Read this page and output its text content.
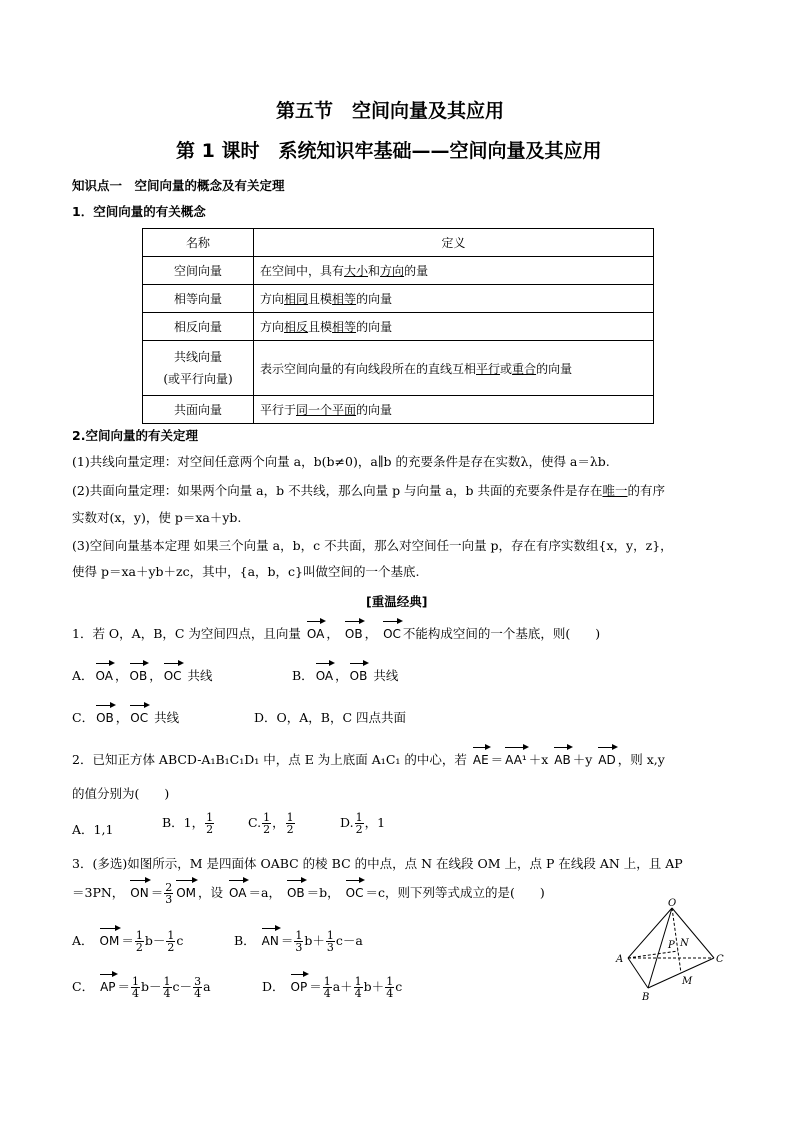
第五节　空间向量及其应用
第 1 课时　系统知识牢基础——空间向量及其应用
知识点一　空间向量的概念及有关定理
1．空间向量的有关概念
名称	定义
空间向量	在空间中，具有大小和方向的量
相等向量	方向相同且模相等的向量
相反向量	方向相反且模相等的向量
共线向量
(或平行向量)	表示空间向量的有向线段所在的直线互相平行或重合的向量
共面向量	平行于同一个平面的向量
2.空间向量的有关定理
(1)共线向量定理：对空间任意两个向量 a，b(b≠0)，a∥b 的充要条件是存在实数λ，使得 a＝λb.
(2)共面向量定理：如果两个向量 a，b 不共线，那么向量 p 与向量 a，b 共面的充要条件是存在唯一的有序
实数对(x，y)，使 p＝xa＋yb.
(3)空间向量基本定理 如果三个向量 a，b，c 不共面，那么对空间任一向量 p，存在有序实数组{x，y，z}，
使得 p＝xa＋yb＋zc，其中，{a，b，c}叫做空间的一个基底.
[重温经典]
1．若 O，A，B，C 为空间四点，且向量 OA ， OB ， OC 不能构成空间的一个基底，则(　　)
A． OA ， OB ， OC 共线	B． OA ， OB 共线
C． OB ， OC 共线	D．O，A，B，C 四点共面
2．已知正方体 ABCD-A₁B₁C₁D₁ 中，点 E 为上底面 A₁C₁ 的中心，若 AE ＝ AA¹ ＋x AB ＋y AD ，则 x,y
的值分别为(　　)
A．1,1	B．1， $\frac{1}{2}$	C. $\frac{1}{2}$ ， $\frac{1}{2}$	D. $\frac{1}{2}$ ，1
3．(多选)如图所示，M 是四面体 OABC 的棱 BC 的中点，点 N 在线段 OM 上，点 P 在线段 AN 上，且 AP
＝3PN， ON ＝ $\frac{2}{3}$ OM ，设 OA ＝a， OB ＝b， OC ＝c，则下列等式成立的是(　　)
A． OM ＝ $\frac{1}{2} b- \frac{1}{2}$ c	B． AN ＝ $\frac{1}{3} b+ \frac{1}{3} c-a$
C． AP ＝ $\frac{1}{4} b- \frac{1}{4} c- \frac{3}{4}$ a	D． OP ＝ $\frac{1}{4} a+ \frac{1}{4} b+ \frac{1}{4}$ c
O
A
B
C
N
P
M
